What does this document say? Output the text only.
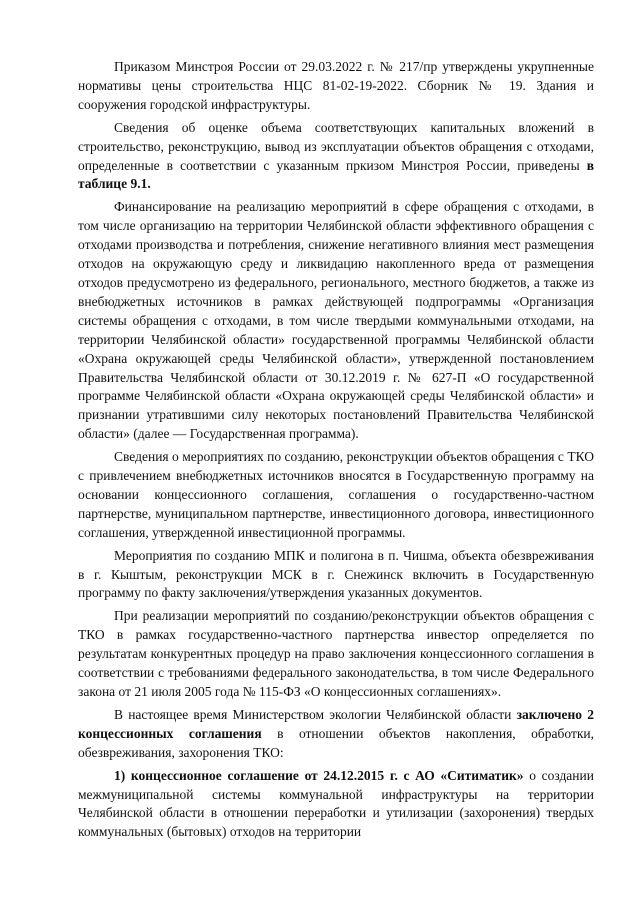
Приказом Минстроя России от 29.03.2022 г. № 217/пр утверждены укрупненные нормативы цены строительства НЦС 81-02-19-2022. Сборник № 19. Здания и сооружения городской инфраструктуры.

Сведения об оценке объема соответствующих капитальных вложений в строительство, реконструкцию, вывод из эксплуатации объектов обращения с отходами, определенные в соответствии с указанным пркизом Минстроя России, приведены в таблице 9.1.

Финансирование на реализацию мероприятий в сфере обращения с отходами, в том числе организацию на территории Челябинской области эффективного обращения с отходами производства и потребления, снижение негативного влияния мест размещения отходов на окружающую среду и ликвидацию накопленного вреда от размещения отходов предусмотрено из федерального, регионального, местного бюджетов, а также из внебюджетных источников в рамках действующей подпрограммы «Организация системы обращения с отходами, в том числе твердыми коммунальными отходами, на территории Челябинской области» государственной программы Челябинской области «Охрана окружающей среды Челябинской области», утвержденной постановлением Правительства Челябинской области от 30.12.2019 г. № 627-П «О государственной программе Челябинской области «Охрана окружающей среды Челябинской области» и признании утратившими силу некоторых постановлений Правительства Челябинской области» (далее — Государственная программа).

Сведения о мероприятиях по созданию, реконструкции объектов обращения с ТКО с привлечением внебюджетных источников вносятся в Государственную программу на основании концессионного соглашения, соглашения о государственно-частном партнерстве, муниципальном партнерстве, инвестиционного договора, инвестиционного соглашения, утвержденной инвестиционной программы.

Мероприятия по созданию МПК и полигона в п. Чишма, объекта обезвреживания в г. Кыштым, реконструкции МСК в г. Снежинск включить в Государственную программу по факту заключения/утверждения указанных документов.

При реализации мероприятий по созданию/реконструкции объектов обращения с ТКО в рамках государственно-частного партнерства инвестор определяется по результатам конкурентных процедур на право заключения концессионного соглашения в соответствии с требованиями федерального законодательства, в том числе Федерального закона от 21 июля 2005 года № 115-ФЗ «О концессионных соглашениях».

В настоящее время Министерством экологии Челябинской области заключено 2 концессионных соглашения в отношении объектов накопления, обработки, обезвреживания, захоронения ТКО:

1) концессионное соглашение от 24.12.2015 г. с АО «Ситиматик» о создании межмуниципальной системы коммунальной инфраструктуры на территории Челябинской области в отношении переработки и утилизации (захоронения) твердых коммунальных (бытовых) отходов на территории
